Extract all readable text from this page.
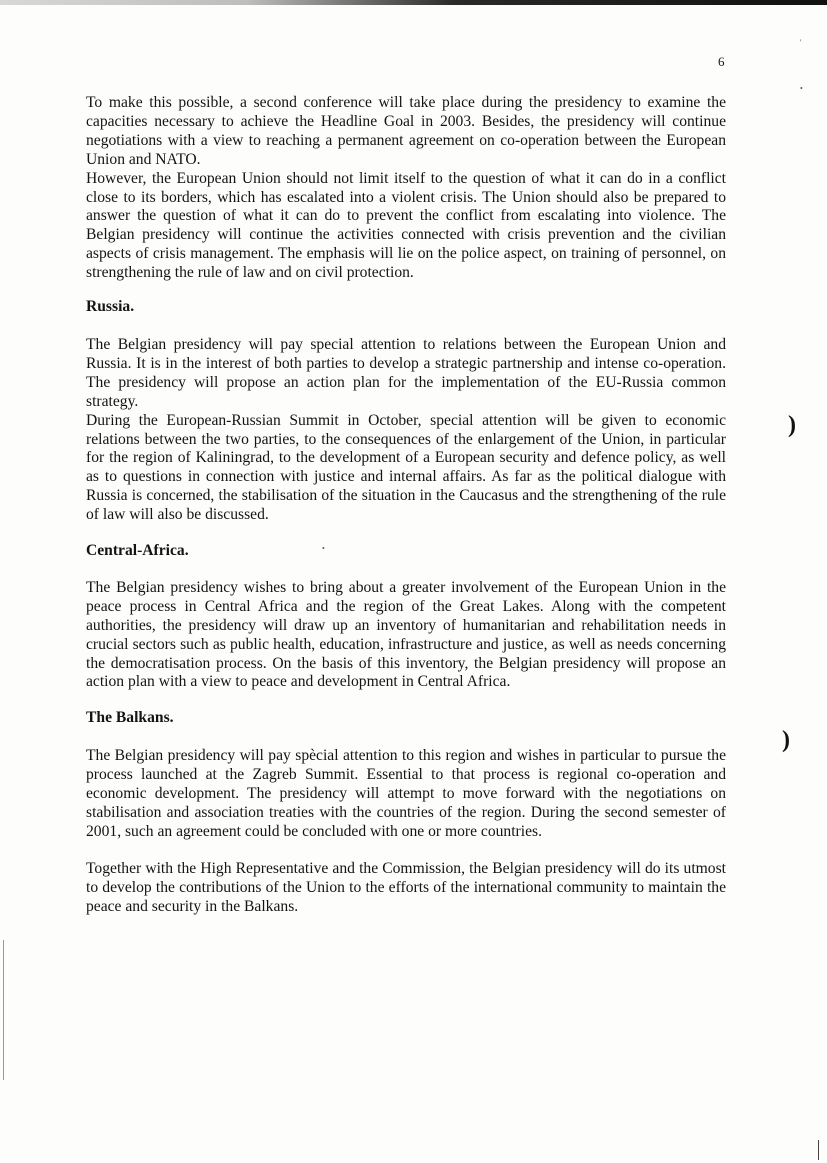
6

To make this possible, a second conference will take place during the presidency to examine the capacities necessary to achieve the Headline Goal in 2003. Besides, the presidency will continue negotiations with a view to reaching a permanent agreement on co-operation between the European Union and NATO.

However, the European Union should not limit itself to the question of what it can do in a conflict close to its borders, which has escalated into a violent crisis. The Union should also be prepared to answer the question of what it can do to prevent the conflict from escalating into violence. The Belgian presidency will continue the activities connected with crisis prevention and the civilian aspects of crisis management. The emphasis will lie on the police aspect, on training of personnel, on strengthening the rule of law and on civil protection.

Russia.

The Belgian presidency will pay special attention to relations between the European Union and Russia. It is in the interest of both parties to develop a strategic partnership and intense co-operation. The presidency will propose an action plan for the implementation of the EU-Russia common strategy.

During the European-Russian Summit in October, special attention will be given to economic relations between the two parties, to the consequences of the enlargement of the Union, in particular for the region of Kaliningrad, to the development of a European security and defence policy, as well as to questions in connection with justice and internal affairs. As far as the political dialogue with Russia is concerned, the stabilisation of the situation in the Caucasus and the strengthening of the rule of law will also be discussed.

Central-Africa.

The Belgian presidency wishes to bring about a greater involvement of the European Union in the peace process in Central Africa and the region of the Great Lakes. Along with the competent authorities, the presidency will draw up an inventory of humanitarian and rehabilitation needs in crucial sectors such as public health, education, infrastructure and justice, as well as needs concerning the democratisation process. On the basis of this inventory, the Belgian presidency will propose an action plan with a view to peace and development in Central Africa.

The Balkans.

The Belgian presidency will pay spècial attention to this region and wishes in particular to pursue the process launched at the Zagreb Summit. Essential to that process is regional co-operation and economic development. The presidency will attempt to move forward with the negotiations on stabilisation and association treaties with the countries of the region. During the second semester of 2001, such an agreement could be concluded with one or more countries.

Together with the High Representative and the Commission, the Belgian presidency will do its utmost to develop the contributions of the Union to the efforts of the international community to maintain the peace and security in the Balkans.

)
)
'
•
•
